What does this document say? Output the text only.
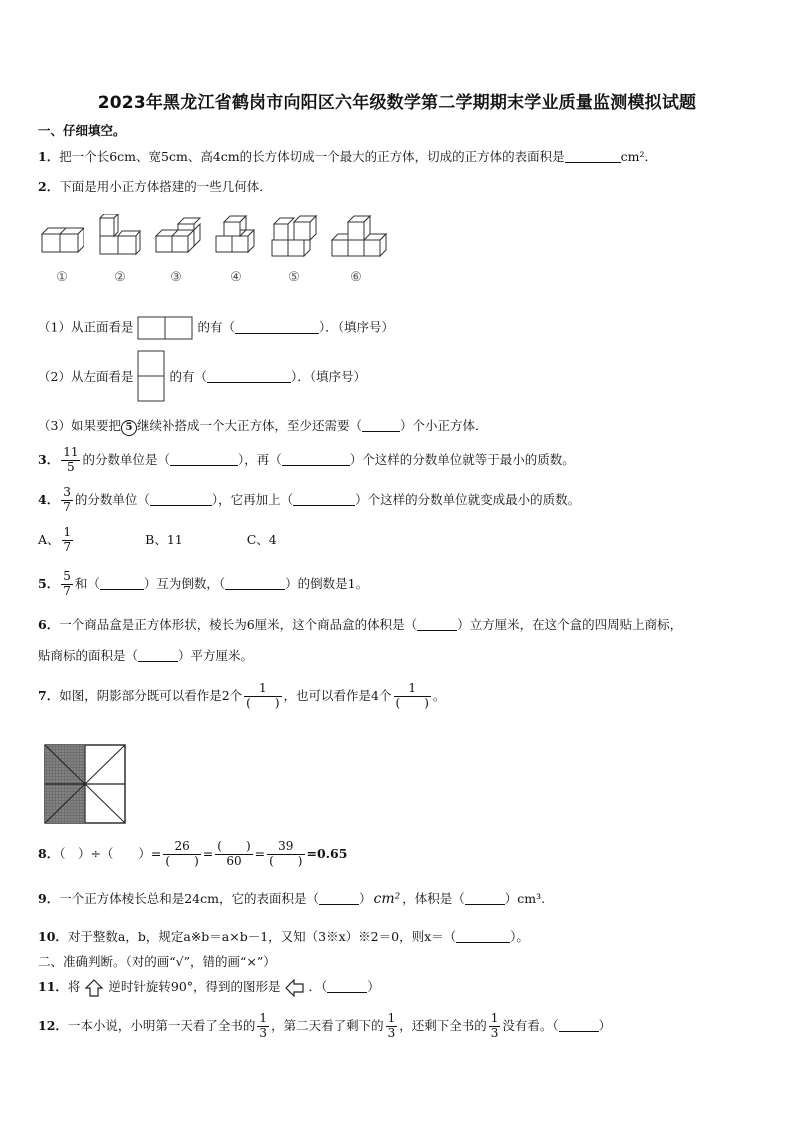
2023年黑龙江省鹤岗市向阳区六年级数学第二学期期末学业质量监测模拟试题
一、仔细填空。
1．把一个长6cm、宽5cm、高4cm的长方体切成一个最大的正方体，切成的正方体的表面积是	cm²．
2．下面是用小正方体搭建的一些几何体．
①	②	③	④	⑤	⑥
（1）从正面看是	的有（	）．（填序号）
（2）从左面看是	的有（	）．（填序号）
（3）如果要把 5 继续补搭成一个大正方体，至少还需要（	）个小正方体．
3． $\frac{11}{5}$ 的分数单位是（	），再（	）个这样的分数单位就等于最小的质数。
4． $\frac{3}{7}$ 的分数单位（	），它再加上（	）个这样的分数单位就变成最小的质数。
A、 $\frac{1}{7}$	B、11	C、4
5． $\frac{5}{7}$ 和（	）互为倒数，（	）的倒数是1。
6．一个商品盒是正方体形状，棱长为6厘米，这个商品盒的体积是（	）立方厘米，在这个盒的四周贴上商标，
贴商标的面积是（	）平方厘米。
7．如图，阴影部分既可以看作是2个 $\frac{1}{( )}$ ，也可以看作是4个 $\frac{1}{( )}$ 。
8．（　）÷（　　）= $\frac{26}{( )} = \frac{( )}{60} = \frac{39}{( )} =0.65$
9．一个正方体棱长总和是24cm，它的表面积是（	） cm² ，体积是（	）cm³.
10．对于整数a，b，规定a※b＝a×b－1，又知（3※x）※2＝0，则x＝（	）。
二、准确判断。（对的画“√”，错的画“×”）
11．将 逆时针旋转90°，得到的图形是 ．（	）
12．一本小说，小明第一天看了全书的 $\frac{1}{3}$ ，第二天看了剩下的 $\frac{1}{3}$ ，还剩下全书的 $\frac{1}{3}$ 没有看。（	）
